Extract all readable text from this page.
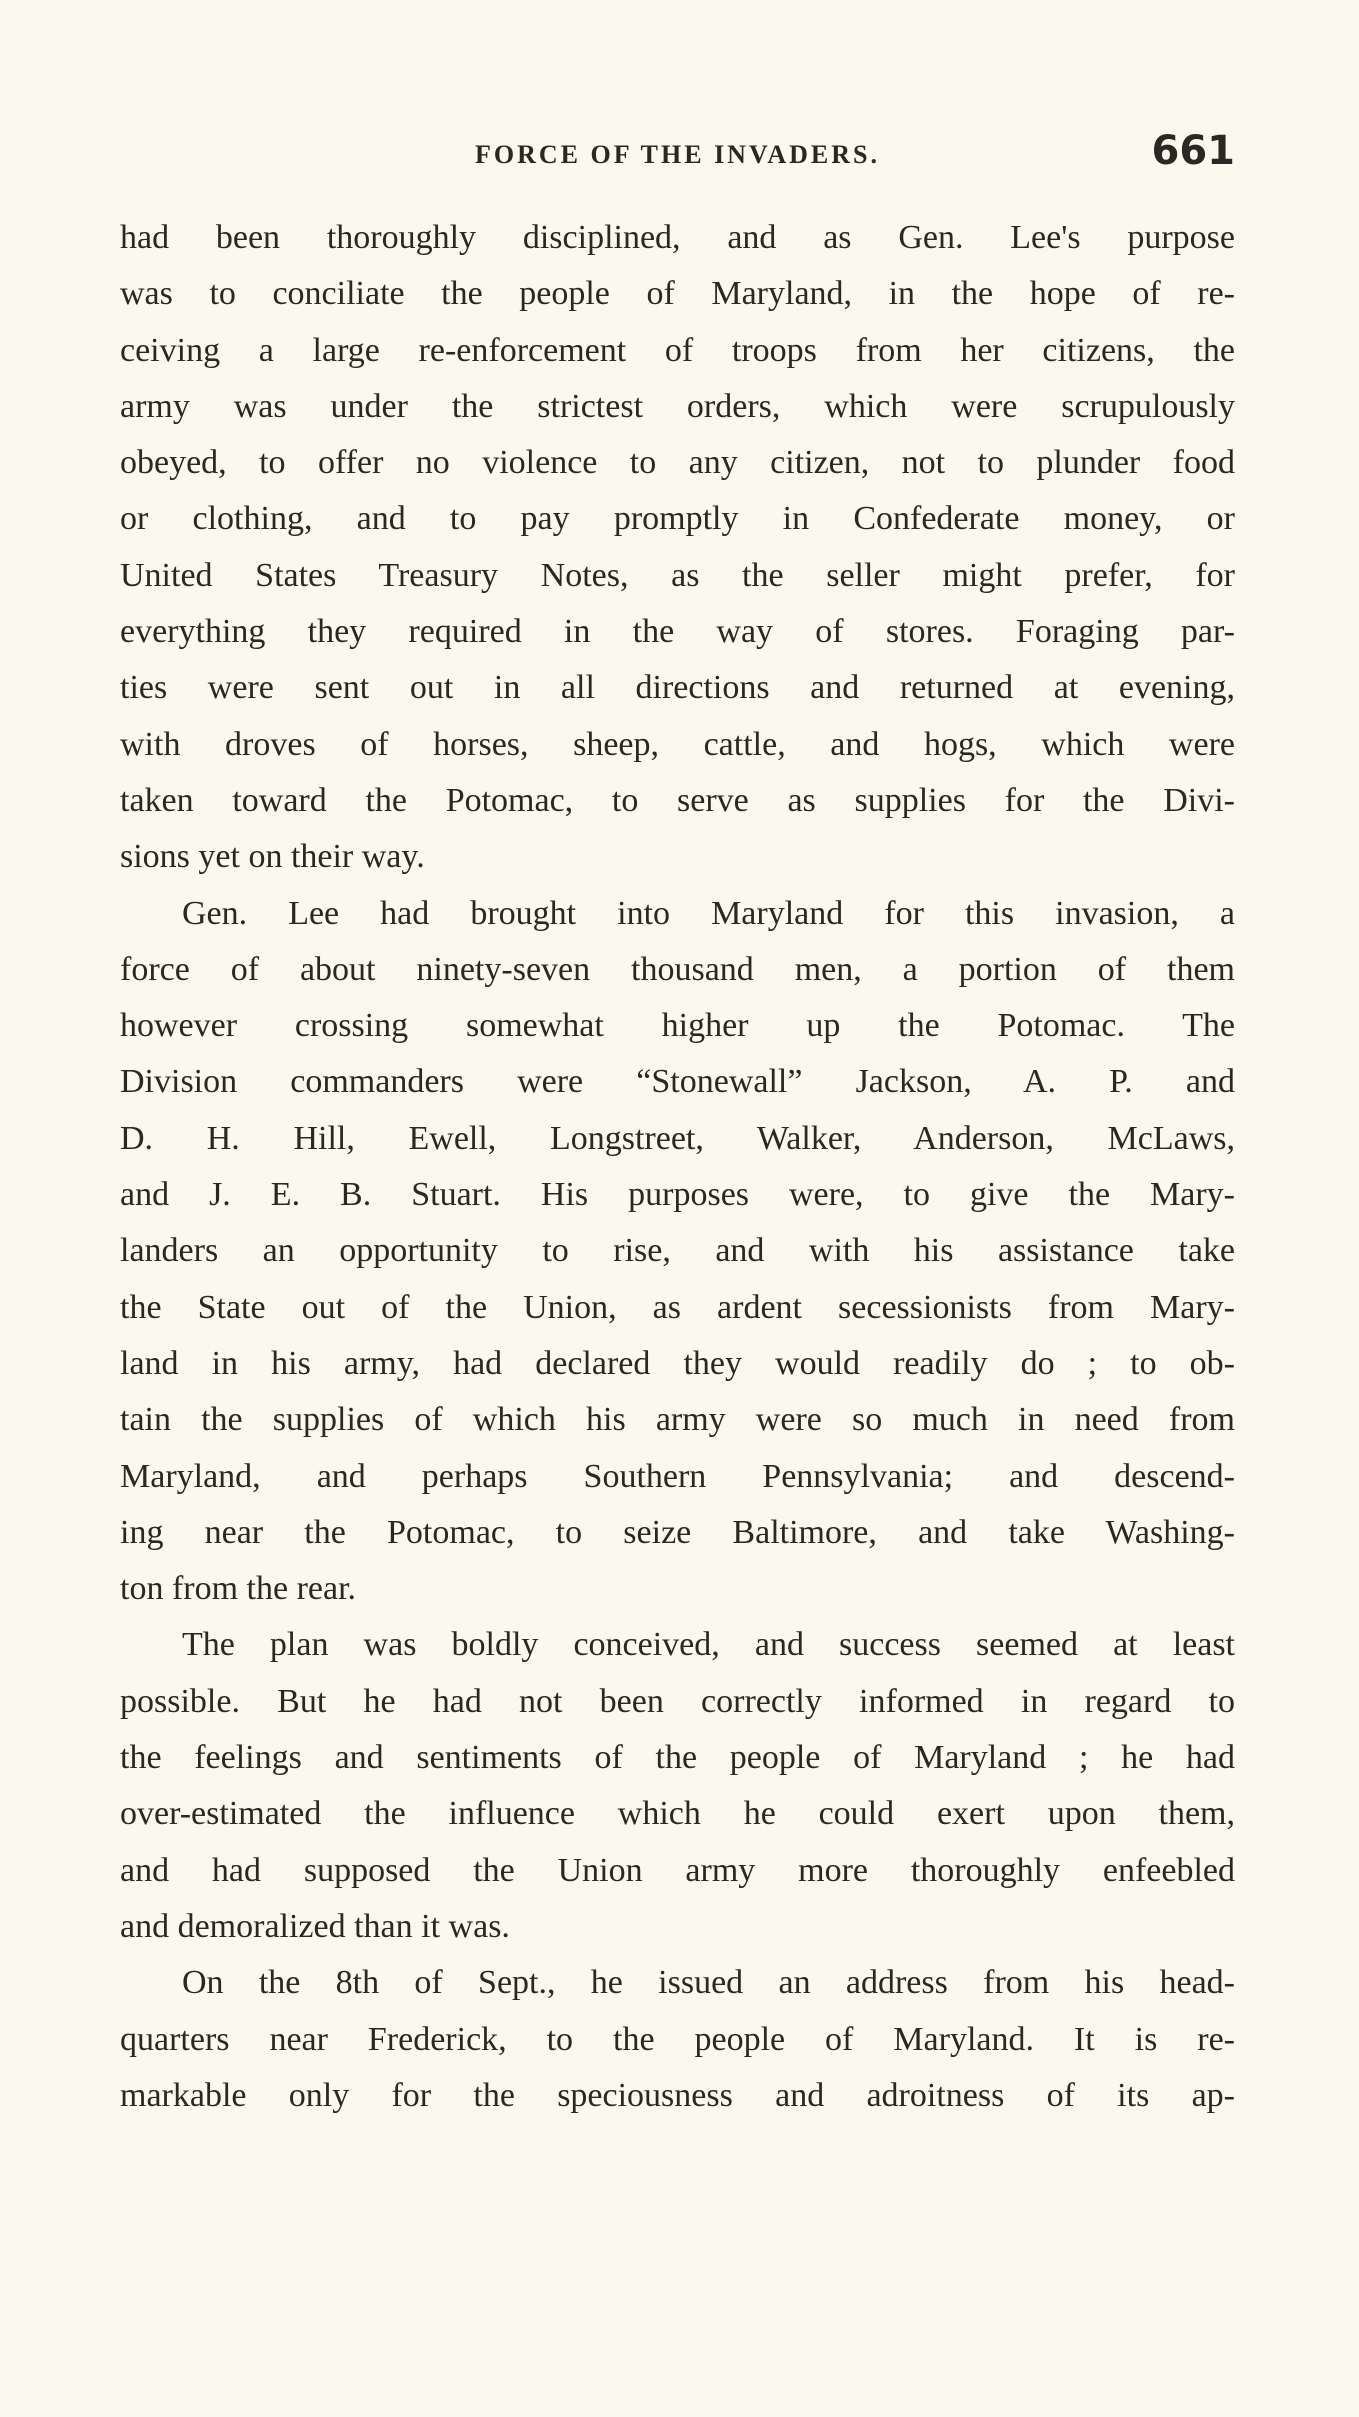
FORCE OF THE INVADERS.	661
had been thoroughly disciplined, and as Gen. Lee's purpose
was to conciliate the people of Maryland, in the hope of re-
ceiving a large re-enforcement of troops from her citizens, the
army was under the strictest orders, which were scrupulously
obeyed, to offer no violence to any citizen, not to plunder food
or clothing, and to pay promptly in Confederate money, or
United States Treasury Notes, as the seller might prefer, for
everything they required in the way of stores. Foraging par-
ties were sent out in all directions and returned at evening,
with droves of horses, sheep, cattle, and hogs, which were
taken toward the Potomac, to serve as supplies for the Divi-
sions yet on their way.
Gen. Lee had brought into Maryland for this invasion, a
force of about ninety-seven thousand men, a portion of them
however crossing somewhat higher up the Potomac. The
Division commanders were “Stonewall” Jackson, A. P. and
D. H. Hill, Ewell, Longstreet, Walker, Anderson, McLaws,
and J. E. B. Stuart. His purposes were, to give the Mary-
landers an opportunity to rise, and with his assistance take
the State out of the Union, as ardent secessionists from Mary-
land in his army, had declared they would readily do ; to ob-
tain the supplies of which his army were so much in need from
Maryland, and perhaps Southern Pennsylvania; and descend-
ing near the Potomac, to seize Baltimore, and take Washing-
ton from the rear.
The plan was boldly conceived, and success seemed at least
possible. But he had not been correctly informed in regard to
the feelings and sentiments of the people of Maryland ; he had
over-estimated the influence which he could exert upon them,
and had supposed the Union army more thoroughly enfeebled
and demoralized than it was.
On the 8th of Sept., he issued an address from his head-
quarters near Frederick, to the people of Maryland. It is re-
markable only for the speciousness and adroitness of its ap-
